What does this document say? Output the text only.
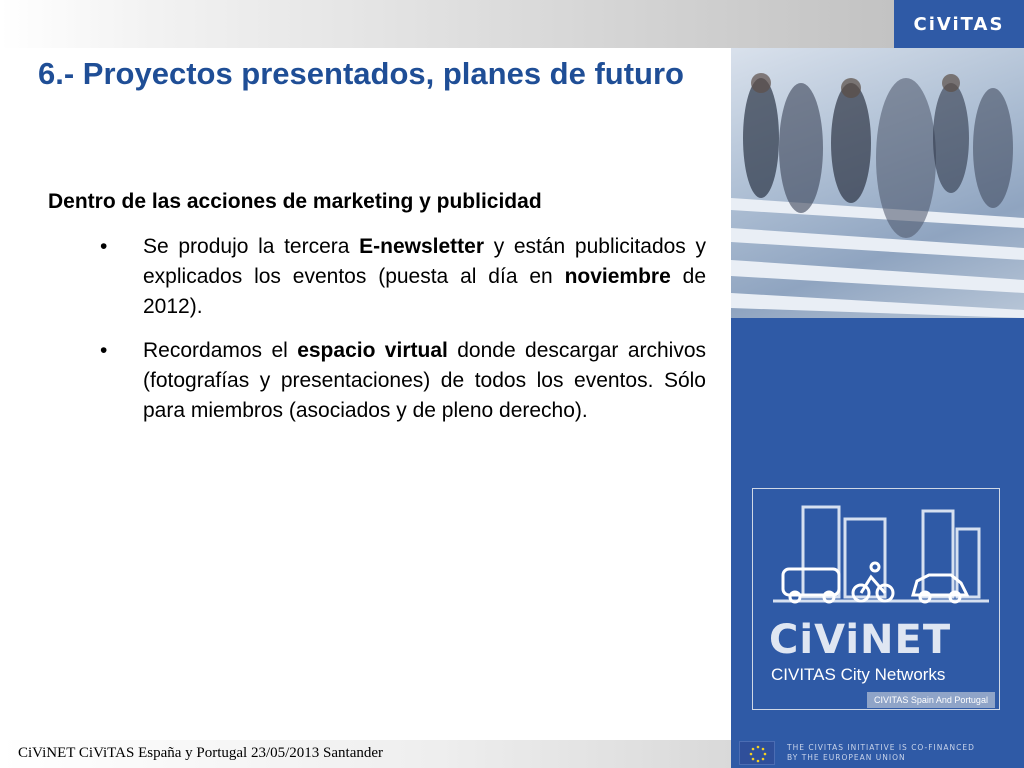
CiViTAS
CiViNET
CIVITAS City Networks
CIVITAS Spain And Portugal
6.- Proyectos presentados, planes de futuro
Dentro de las acciones de marketing y publicidad
• Se produjo la tercera E-newsletter y están publicitados y explicados los eventos (puesta al día en noviembre de 2012).
• Recordamos el espacio virtual donde descargar archivos (fotografías y presentaciones) de todos los eventos. Sólo para miembros (asociados y de pleno derecho).
CiViNET CiViTAS España y Portugal 23/05/2013 Santander	THE CIVITAS INITIATIVE IS CO-FINANCED
BY THE EUROPEAN UNION
